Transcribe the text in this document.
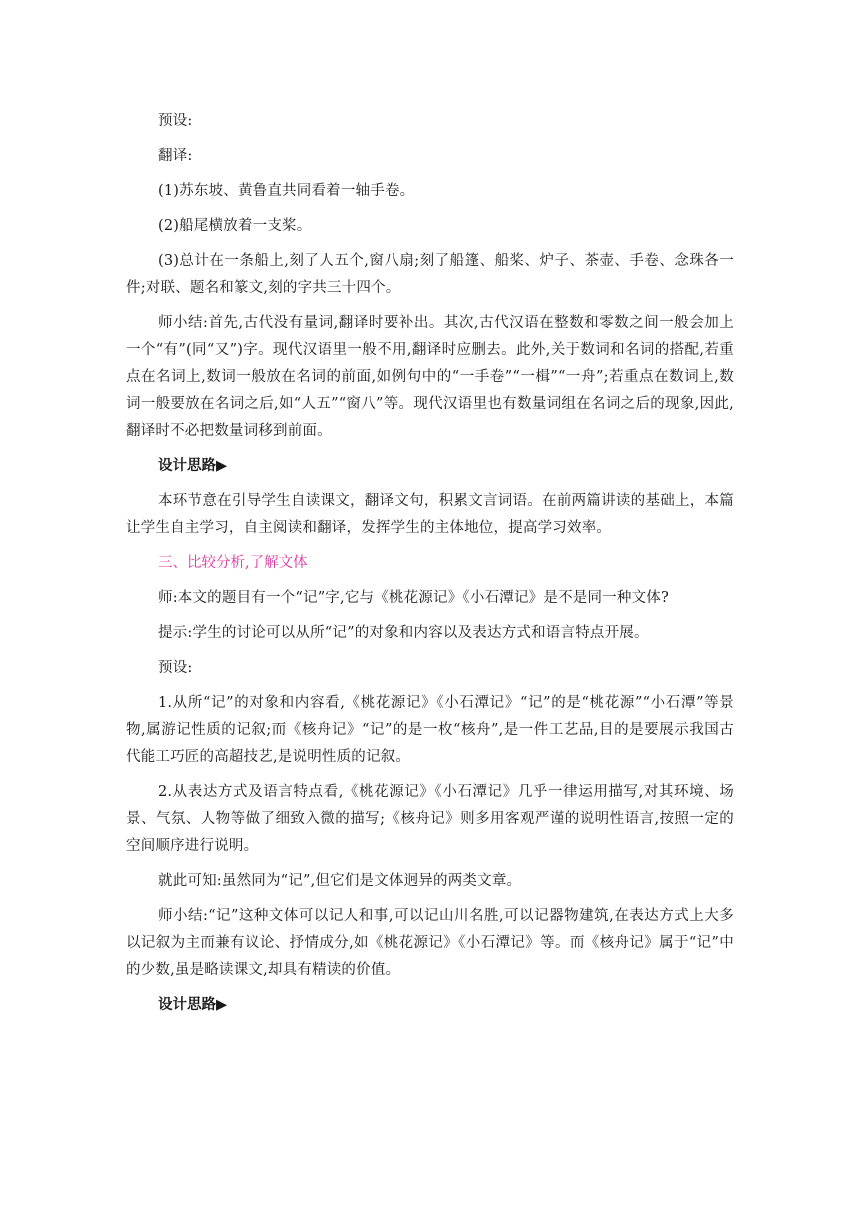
预设:

翻译:

(1)苏东坡、黄鲁直共同看着一轴手卷。

(2)船尾横放着一支桨。

(3)总计在一条船上,刻了人五个,窗八扇;刻了船篷、船桨、炉子、茶壶、手卷、念珠各一件;对联、题名和篆文,刻的字共三十四个。

师小结:首先,古代没有量词,翻译时要补出。其次,古代汉语在整数和零数之间一般会加上一个“有”(同“又”)字。现代汉语里一般不用,翻译时应删去。此外,关于数词和名词的搭配,若重点在名词上,数词一般放在名词的前面,如例句中的“一手卷”“一楫”“一舟”;若重点在数词上,数词一般要放在名词之后,如“人五”“窗八”等。现代汉语里也有数量词组在名词之后的现象,因此,翻译时不必把数量词移到前面。

设计思路▶

本环节意在引导学生自读课文，翻译文句，积累文言词语。在前两篇讲读的基础上，本篇让学生自主学习，自主阅读和翻译，发挥学生的主体地位，提高学习效率。

三、比较分析,了解文体

师:本文的题目有一个“记”字,它与《桃花源记》《小石潭记》是不是同一种文体?

提示:学生的讨论可以从所“记”的对象和内容以及表达方式和语言特点开展。

预设:

1.从所“记”的对象和内容看,《桃花源记》《小石潭记》“记”的是“桃花源”“小石潭”等景物,属游记性质的记叙;而《核舟记》“记”的是一枚“核舟”,是一件工艺品,目的是要展示我国古代能工巧匠的高超技艺,是说明性质的记叙。

2.从表达方式及语言特点看,《桃花源记》《小石潭记》几乎一律运用描写,对其环境、场景、气氛、人物等做了细致入微的描写;《核舟记》则多用客观严谨的说明性语言,按照一定的空间顺序进行说明。

就此可知:虽然同为“记”,但它们是文体迥异的两类文章。

师小结:“记”这种文体可以记人和事,可以记山川名胜,可以记器物建筑,在表达方式上大多以记叙为主而兼有议论、抒情成分,如《桃花源记》《小石潭记》等。而《核舟记》属于“记”中的少数,虽是略读课文,却具有精读的价值。

设计思路▶
